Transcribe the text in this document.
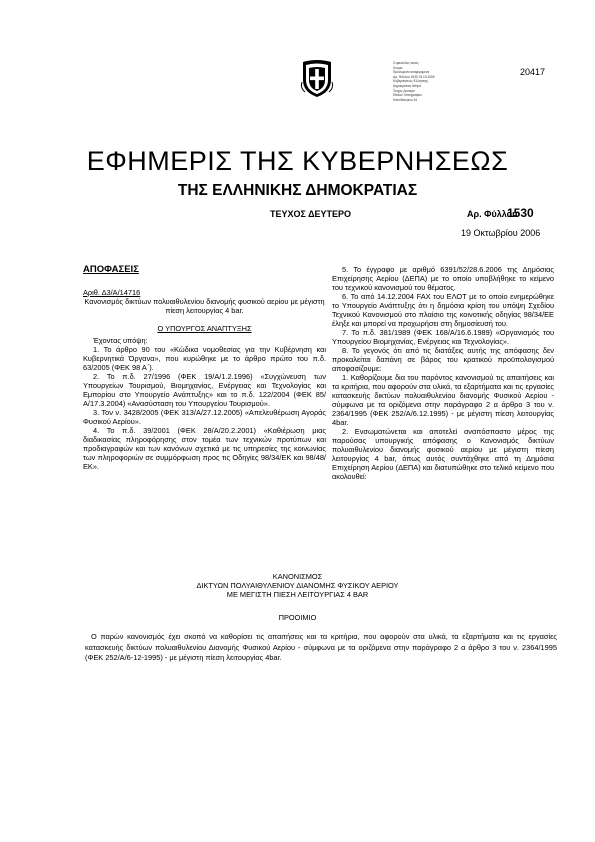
Ο φακελλος αυτος
Λουμα
Προσωρινα αναφερομενα
Αρ. Φύλλου 1530 19.10.2006
Κυβερνησεως Ελληνικης
Δημοκρατιας Αθηνα
Τευχος Δευτερο
Εθνικο Τυπογραφειο
Καποδιστριου 34
20417
ΕΦΗΜΕΡΙΣ ΤΗΣ ΚΥΒΕΡΝΗΣΕΩΣ
ΤΗΣ ΕΛΛΗΝΙΚΗΣ ΔΗΜΟΚΡΑΤΙΑΣ
ΤΕΥΧΟΣ ΔΕΥΤΕΡΟ	Αρ. Φύλλου
1530
19 Οκτωβρίου 2006

ΑΠΟΦΑΣΕΙΣ

Αριθ. Δ3/Α/14716

Κανονισμός δικτύων πολυαιθυλενίου διανομής φυσικού αερίου με μέγιστη πίεση λειτουργίας 4 bar.

Ο ΥΠΟΥΡΓΟΣ ΑΝΑΠΤΥΞΗΣ

Έχοντας υπόψη:

1. Το άρθρο 90 του «Κώδικα νομοθεσίας για την Κυβέρνηση και Κυβερνητικά Όργανα», που κυρώθηκε με το άρθρο πρώτο του π.δ. 63/2005 (ΦΕΚ 98 Α΄).

2. Το π.δ. 27/1996 (ΦΕΚ 19/Α/1.2.1996) «Συγχώνευση των Υπουργείων Τουρισμού, Βιομηχανίας, Ενέργειας και Τεχνολογίας και Εμπορίου στο Υπουργείο Ανάπτυξης» και το π.δ. 122/2004 (ΦΕΚ 85/Α/17.3.2004) «Ανασύσταση του Υπουργείου Τουρισμού».

3. Τον ν. 3428/2005 (ΦΕΚ 313/Α/27.12.2005) «Απελευθέρωση Αγοράς Φυσικού Αερίου».

4. Το π.δ. 39/2001 (ΦΕΚ 28/Α/20.2.2001) «Καθιέρωση μιας διαδικασίας πληροφόρησης στον τομέα των τεχνικών προτύπων και προδιαγραφών και των κανόνων σχετικά με τις υπηρεσίες της κοινωνίας των πληροφοριών σε συμμόρφωση προς τις Οδηγίες 98/34/ΕΚ και 98/48/ΕΚ».

5. Το έγγραφο με αριθμό 6391/52/28.6.2006 της Δημόσιας Επιχείρησης Αερίου (ΔΕΠΑ) με το οποίο υποβλήθηκε το κείμενο του τεχνικού κανονισμού του θέματος.

6. Το από 14.12.2004 FAX του ΕΛΟΤ με το οποίο ενημερώθηκε το Υπουργείο Ανάπτυξης ότι η δημόσια κρίση του υπόψη Σχεδίου Τεχνικού Κανονισμού στο πλαίσιο της κοινοτικής οδηγίας 98/34/ΕΕ έληξε και μπορεί να προχωρήσει στη δημοσίευσή του.

7. Το π.δ. 381/1989 (ΦΕΚ 168/Α/16.6.1989) «Οργανισμός του Υπουργείου Βιομηχανίας, Ενέργειας και Τεχνολογίας».

8. Το γεγονός ότι από τις διατάξεις αυτής της απόφασης δεν προκαλείται δαπάνη σε βάρος του κρατικού προϋπολογισμού αποφασίζουμε:

1. Καθορίζουμε δια του παρόντος κανονισμού τις απαιτήσεις και τα κριτήρια, που αφορούν στα υλικά, τα εξαρτήματα και τις εργασίες κατασκευής δικτύων πολυαιθυλενίου διανομής Φυσικού Αερίου - σύμφωνα με τα οριζόμενα στην παράγραφο 2 α άρθρο 3 του ν. 2364/1995 (ΦΕΚ 252/Α/6.12.1995) - με μέγιστη πίεση λειτουργίας 4bar.

2. Ενσωματώνεται και αποτελεί αναπόσπαστο μέρος της παρούσας υπουργικής απόφασης ο Κανονισμός δικτύων πολυαιθυλενίου διανομής φυσικού αερίου με μέγιστη πίεση λειτουργίας 4 bar, όπως αυτός συντάχθηκε από τη Δημόσια Επιχείρηση Αερίου (ΔΕΠΑ) και διατυπώθηκε στο τελικό κείμενο που ακολουθεί:

ΚΑΝΟΝΙΣΜΟΣ
ΔΙΚΤΥΩΝ ΠΟΛΥΑΙΘΥΛΕΝΙΟΥ ΔΙΑΝΟΜΗΣ ΦΥΣΙΚΟΥ ΑΕΡΙΟΥ
ΜΕ ΜΕΓΙΣΤΗ ΠΙΕΣΗ ΛΕΙΤΟΥΡΓΙΑΣ 4 BAR
ΠΡΟΟΙΜΙΟ
Ο παρών κανονισμός έχει σκοπό να καθορίσει τις απαιτήσεις και τα κριτήρια, που αφορούν στα υλικά, τα εξαρτήματα και τις εργασίες κατασκευής δικτύων πολυαιθυλενίου Διανομής Φυσικού Αερίου - σύμφωνα με τα οριζόμενα στην παράγραφο 2 α άρθρο 3 του ν. 2364/1995 (ΦΕΚ 252/Α/6-12-1995) - με μέγιστη πίεση λειτουργίας 4bar.
